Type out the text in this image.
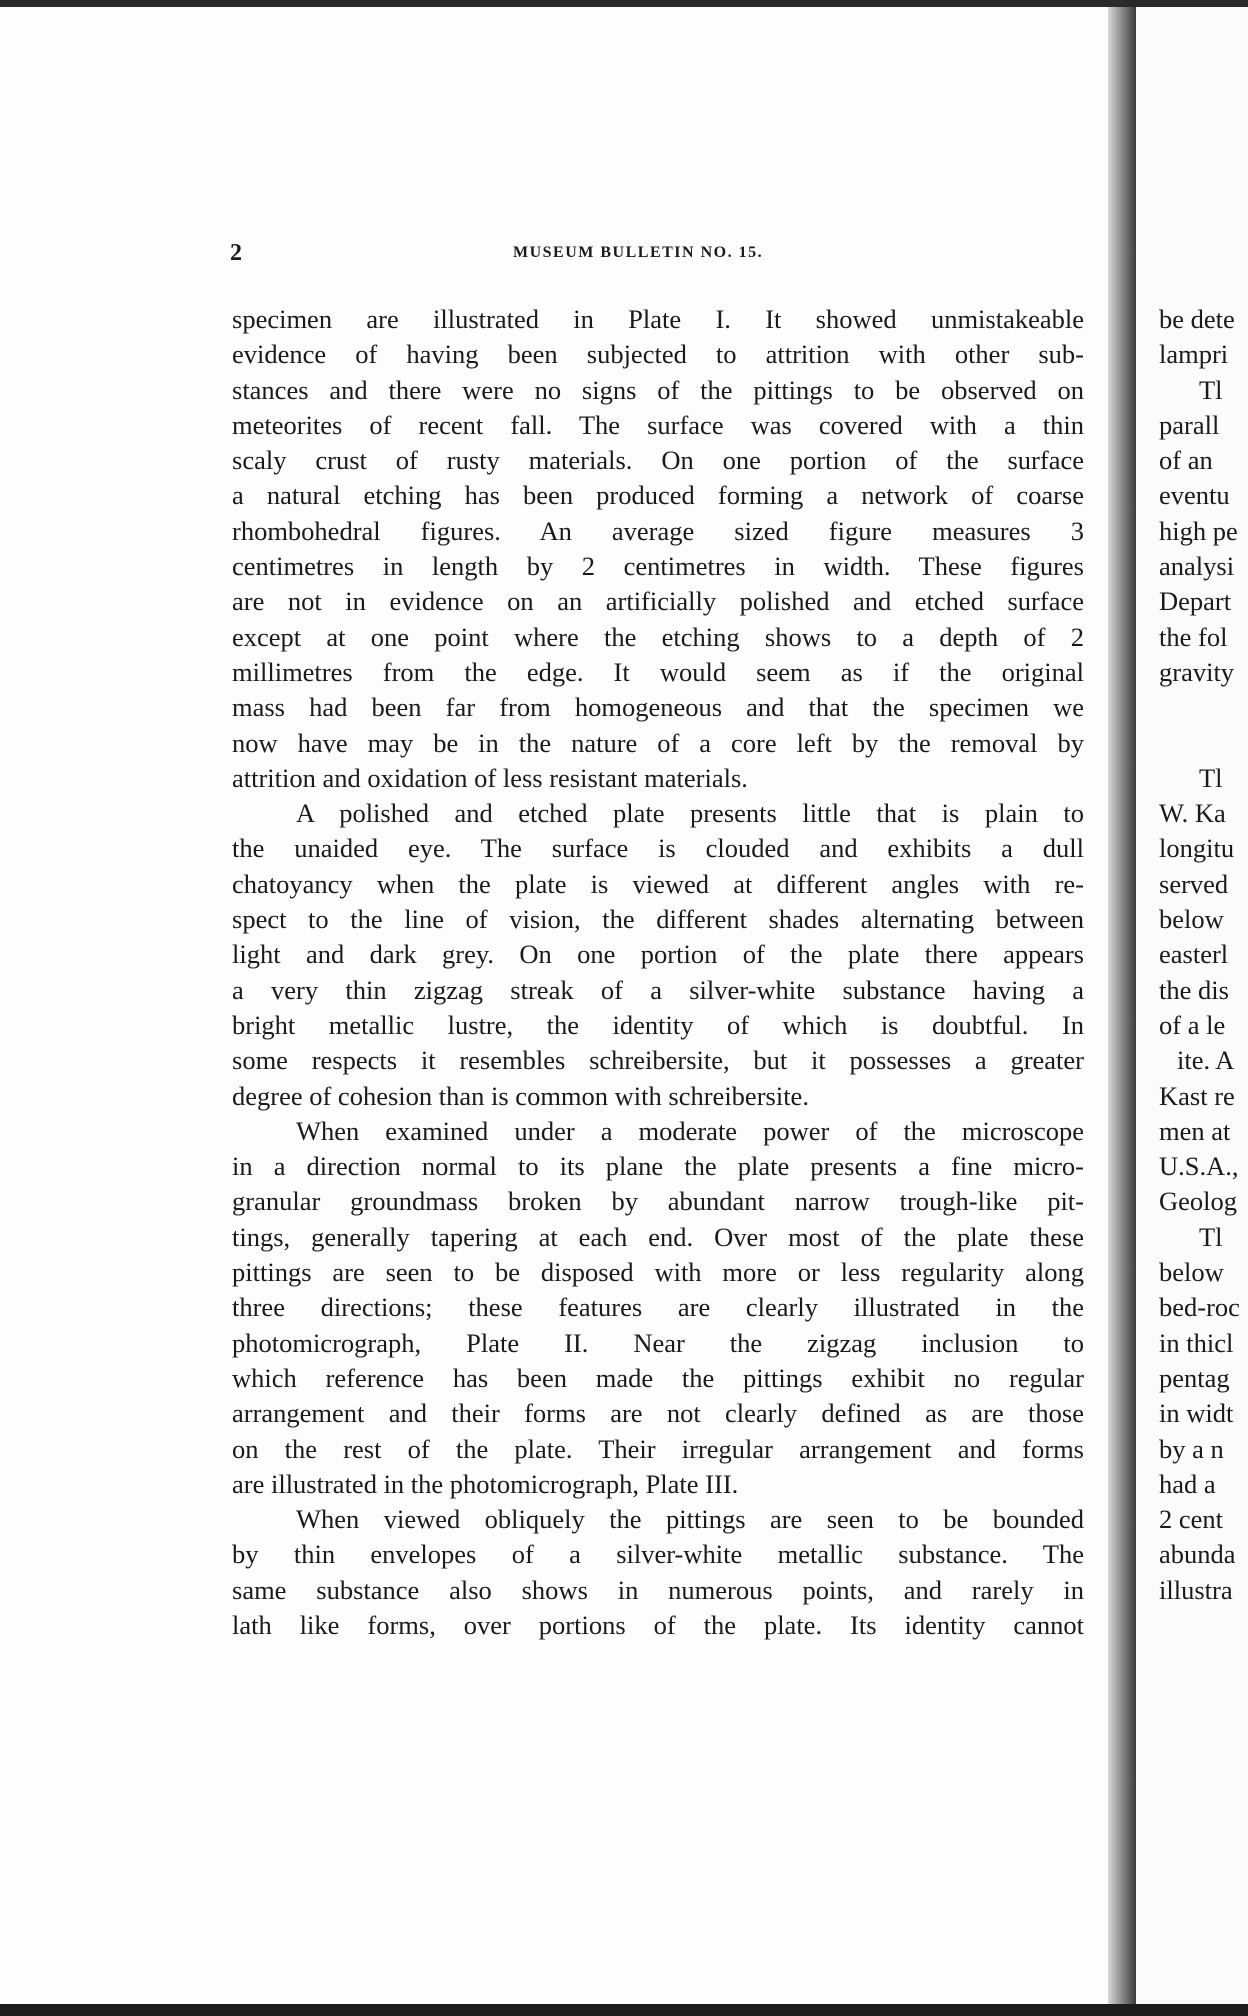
2	MUSEUM BULLETIN NO. 15.
specimen are illustrated in Plate I. It showed unmistakeable
evidence of having been subjected to attrition with other sub-
stances and there were no signs of the pittings to be observed on
meteorites of recent fall. The surface was covered with a thin
scaly crust of rusty materials. On one portion of the surface
a natural etching has been produced forming a network of coarse
rhombohedral figures. An average sized figure measures 3
centimetres in length by 2 centimetres in width. These figures
are not in evidence on an artificially polished and etched surface
except at one point where the etching shows to a depth of 2
millimetres from the edge. It would seem as if the original
mass had been far from homogeneous and that the specimen we
now have may be in the nature of a core left by the removal by
attrition and oxidation of less resistant materials.
A polished and etched plate presents little that is plain to
the unaided eye. The surface is clouded and exhibits a dull
chatoyancy when the plate is viewed at different angles with re-
spect to the line of vision, the different shades alternating between
light and dark grey. On one portion of the plate there appears
a very thin zigzag streak of a silver-white substance having a
bright metallic lustre, the identity of which is doubtful. In
some respects it resembles schreibersite, but it possesses a greater
degree of cohesion than is common with schreibersite.
When examined under a moderate power of the microscope
in a direction normal to its plane the plate presents a fine micro-
granular groundmass broken by abundant narrow trough-like pit-
tings, generally tapering at each end. Over most of the plate these
pittings are seen to be disposed with more or less regularity along
three directions; these features are clearly illustrated in the
photomicrograph, Plate II. Near the zigzag inclusion to
which reference has been made the pittings exhibit no regular
arrangement and their forms are not clearly defined as are those
on the rest of the plate. Their irregular arrangement and forms
are illustrated in the photomicrograph, Plate III.
When viewed obliquely the pittings are seen to be bounded
by thin envelopes of a silver-white metallic substance. The
same substance also shows in numerous points, and rarely in
lath like forms, over portions of the plate. Its identity cannot
be dete
lampri
Tl
parall
of an
eventu
high pe
analysi
Depart
the fol
gravity
Tl
W. Ka
longitu
served
below
easterl
the dis
of a le
ite. A
Kast re
men at
U.S.A.,
Geolog
Tl
below
bed-roc
in thicl
pentag
in widt
by a n
had a
2 cent
abunda
illustra
